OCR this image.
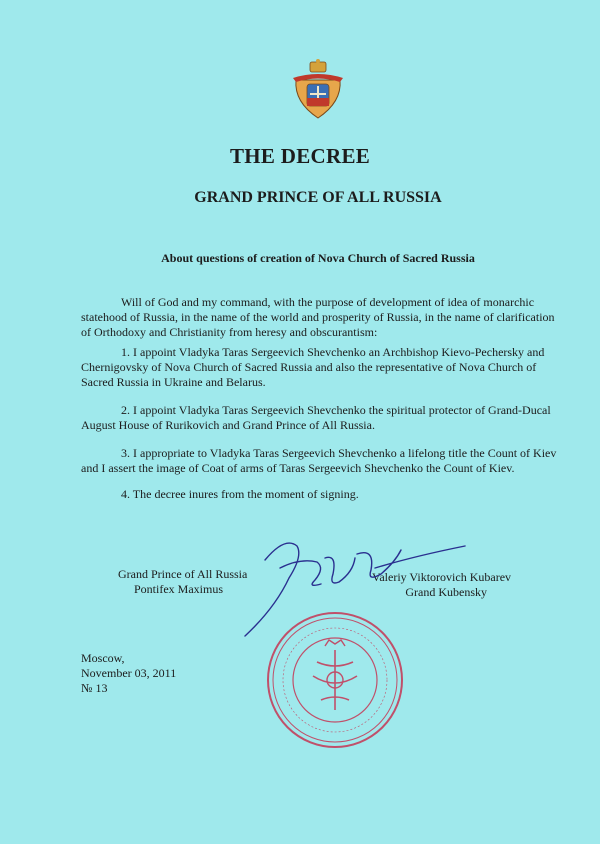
THE DECREE
GRAND PRINCE OF ALL RUSSIA
About questions of creation of Nova Church of Sacred Russia

Will of God and my command, with the purpose of development of idea of monarchic statehood of Russia, in the name of the world and prosperity of Russia, in the name of clarification of Orthodoxy and Christianity from heresy and obscurantism:

1. I appoint Vladyka Taras Sergeevich Shevchenko an Archbishop Kievo-Pechersky and Chernigovsky of Nova Church of Sacred Russia and also the representative of Nova Church of Sacred Russia in Ukraine and Belarus.

2. I appoint Vladyka Taras Sergeevich Shevchenko the spiritual protector of Grand-Ducal August House of Rurikovich and Grand Prince of All Russia.

3. I appropriate to Vladyka Taras Sergeevich Shevchenko a lifelong title the Count of Kiev and I assert the image of Coat of arms of Taras Sergeevich Shevchenko the Count of Kiev.

4. The decree inures from the moment of signing.

Grand Prince of All Russia
Pontifex Maximus
Valeriy Viktorovich Kubarev
Grand Kubensky
Moscow,
November 03, 2011
№ 13
